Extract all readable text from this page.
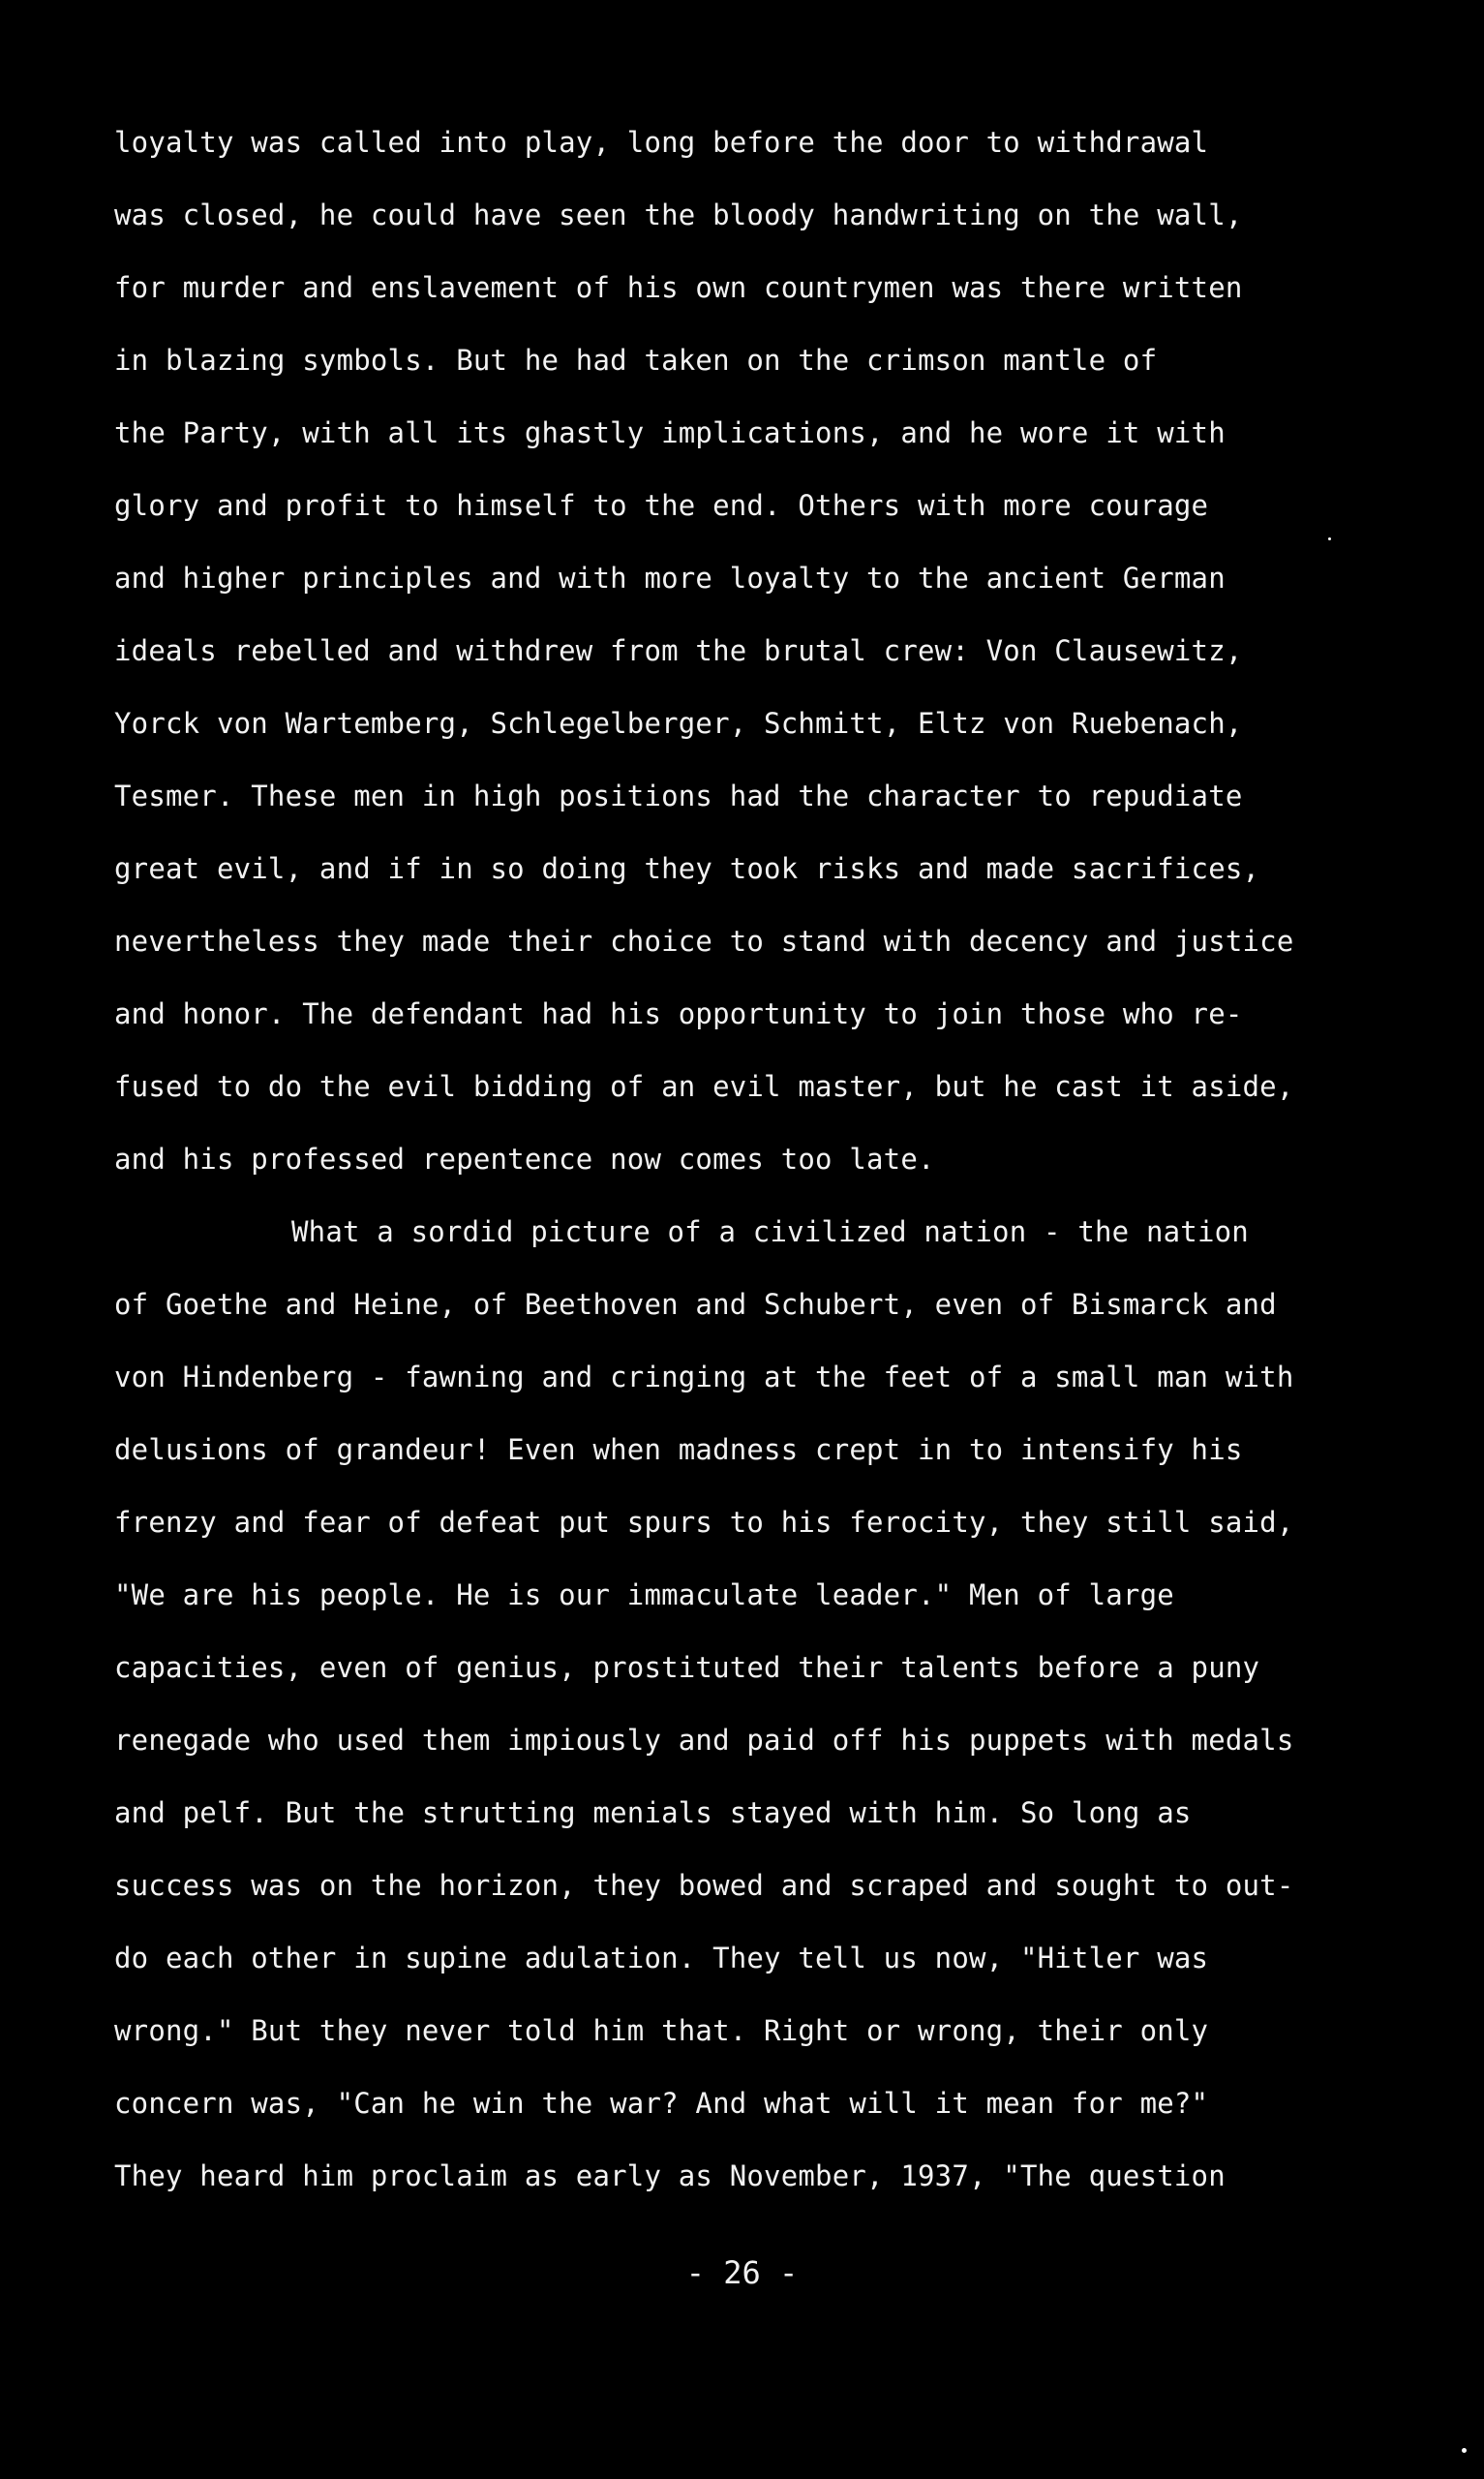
loyalty was called into play, long before the door to withdrawal
was closed, he could have seen the bloody handwriting on the wall,
for murder and enslavement of his own countrymen was there written
in blazing symbols. But he had taken on the crimson mantle of
the Party, with all its ghastly implications, and he wore it with
glory and profit to himself to the end. Others with more courage
and higher principles and with more loyalty to the ancient German
ideals rebelled and withdrew from the brutal crew: Von Clausewitz,
Yorck von Wartemberg, Schlegelberger, Schmitt, Eltz von Ruebenach,
Tesmer. These men in high positions had the character to repudiate
great evil, and if in so doing they took risks and made sacrifices,
nevertheless they made their choice to stand with decency and justice
and honor. The defendant had his opportunity to join those who re-
fused to do the evil bidding of an evil master, but he cast it aside,
and his professed repentence now comes too late.
What a sordid picture of a civilized nation - the nation
of Goethe and Heine, of Beethoven and Schubert, even of Bismarck and
von Hindenberg - fawning and cringing at the feet of a small man with
delusions of grandeur! Even when madness crept in to intensify his
frenzy and fear of defeat put spurs to his ferocity, they still said,
"We are his people. He is our immaculate leader." Men of large
capacities, even of genius, prostituted their talents before a puny
renegade who used them impiously and paid off his puppets with medals
and pelf. But the strutting menials stayed with him. So long as
success was on the horizon, they bowed and scraped and sought to out-
do each other in supine adulation. They tell us now, "Hitler was
wrong." But they never told him that. Right or wrong, their only
concern was, "Can he win the war? And what will it mean for me?"
They heard him proclaim as early as November, 1937, "The question
- 26 -
